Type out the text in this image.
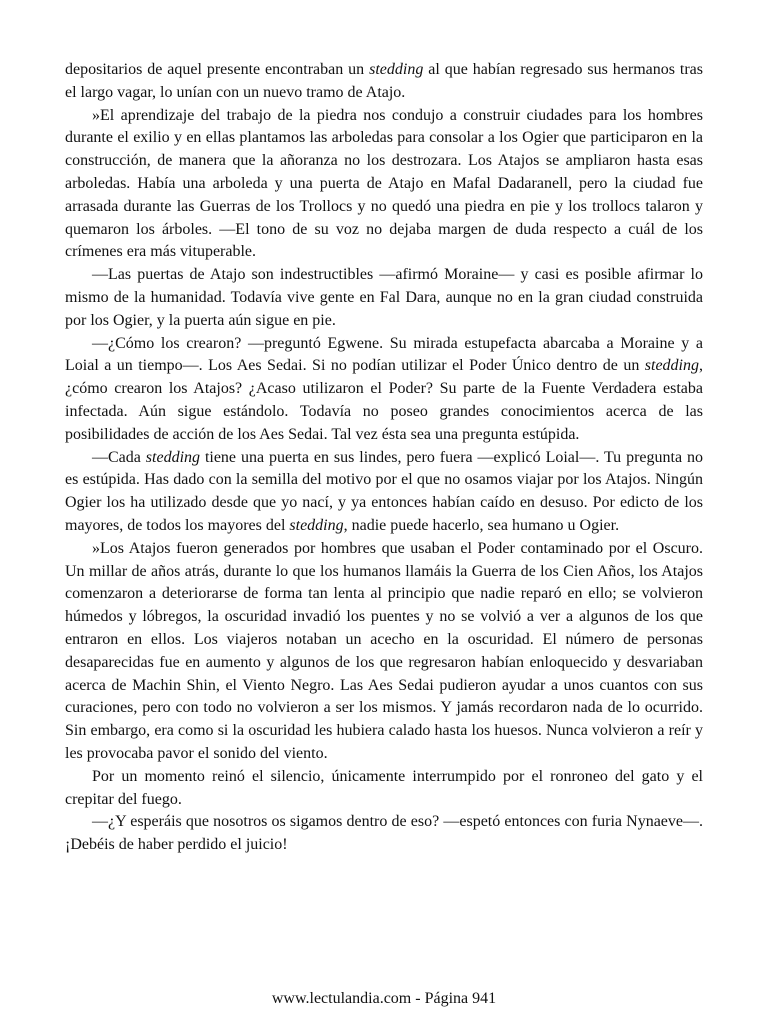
depositarios de aquel presente encontraban un stedding al que habían regresado sus hermanos tras el largo vagar, lo unían con un nuevo tramo de Atajo.

»El aprendizaje del trabajo de la piedra nos condujo a construir ciudades para los hombres durante el exilio y en ellas plantamos las arboledas para consolar a los Ogier que participaron en la construcción, de manera que la añoranza no los destrozara. Los Atajos se ampliaron hasta esas arboledas. Había una arboleda y una puerta de Atajo en Mafal Dadaranell, pero la ciudad fue arrasada durante las Guerras de los Trollocs y no quedó una piedra en pie y los trollocs talaron y quemaron los árboles. —El tono de su voz no dejaba margen de duda respecto a cuál de los crímenes era más vituperable.

—Las puertas de Atajo son indestructibles —afirmó Moraine— y casi es posible afirmar lo mismo de la humanidad. Todavía vive gente en Fal Dara, aunque no en la gran ciudad construida por los Ogier, y la puerta aún sigue en pie.

—¿Cómo los crearon? —preguntó Egwene. Su mirada estupefacta abarcaba a Moraine y a Loial a un tiempo—. Los Aes Sedai. Si no podían utilizar el Poder Único dentro de un stedding, ¿cómo crearon los Atajos? ¿Acaso utilizaron el Poder? Su parte de la Fuente Verdadera estaba infectada. Aún sigue estándolo. Todavía no poseo grandes conocimientos acerca de las posibilidades de acción de los Aes Sedai. Tal vez ésta sea una pregunta estúpida.

—Cada stedding tiene una puerta en sus lindes, pero fuera —explicó Loial—. Tu pregunta no es estúpida. Has dado con la semilla del motivo por el que no osamos viajar por los Atajos. Ningún Ogier los ha utilizado desde que yo nací, y ya entonces habían caído en desuso. Por edicto de los mayores, de todos los mayores del stedding, nadie puede hacerlo, sea humano u Ogier.

»Los Atajos fueron generados por hombres que usaban el Poder contaminado por el Oscuro. Un millar de años atrás, durante lo que los humanos llamáis la Guerra de los Cien Años, los Atajos comenzaron a deteriorarse de forma tan lenta al principio que nadie reparó en ello; se volvieron húmedos y lóbregos, la oscuridad invadió los puentes y no se volvió a ver a algunos de los que entraron en ellos. Los viajeros notaban un acecho en la oscuridad. El número de personas desaparecidas fue en aumento y algunos de los que regresaron habían enloquecido y desvariaban acerca de Machin Shin, el Viento Negro. Las Aes Sedai pudieron ayudar a unos cuantos con sus curaciones, pero con todo no volvieron a ser los mismos. Y jamás recordaron nada de lo ocurrido. Sin embargo, era como si la oscuridad les hubiera calado hasta los huesos. Nunca volvieron a reír y les provocaba pavor el sonido del viento.

Por un momento reinó el silencio, únicamente interrumpido por el ronroneo del gato y el crepitar del fuego.

—¿Y esperáis que nosotros os sigamos dentro de eso? —espetó entonces con furia Nynaeve—. ¡Debéis de haber perdido el juicio!

www.lectulandia.com - Página 941
